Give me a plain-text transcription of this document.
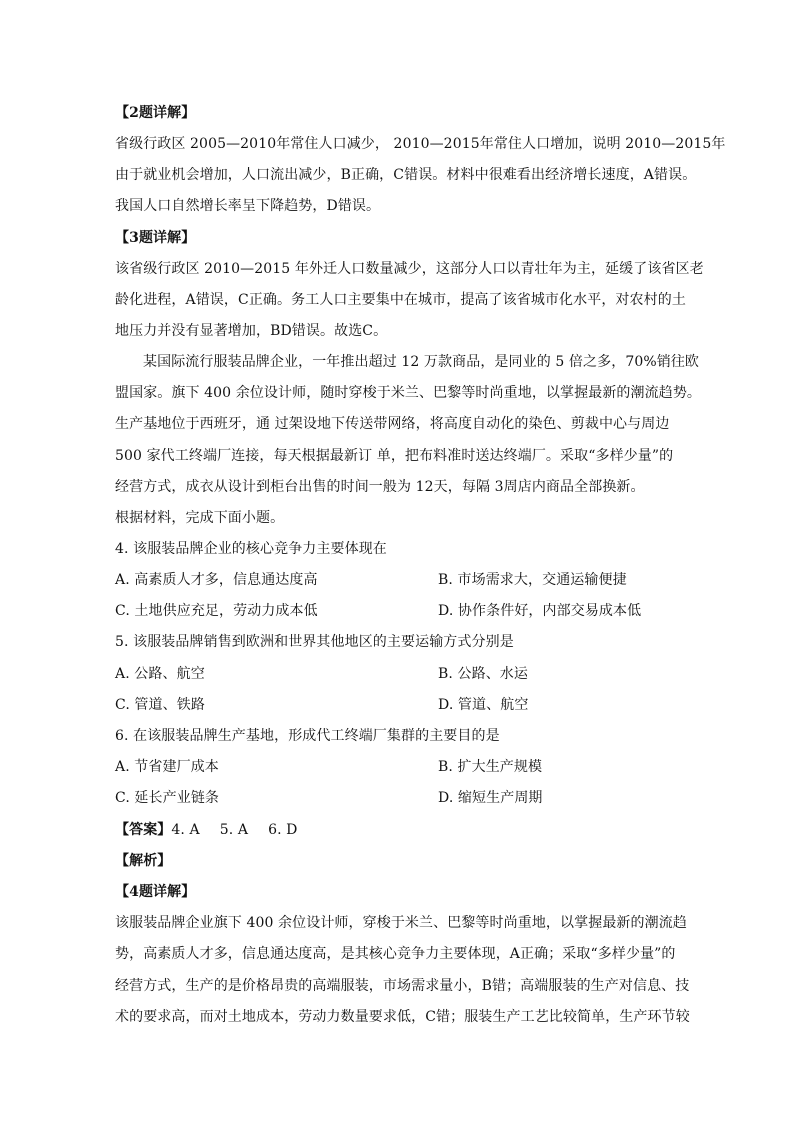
【2题详解】
省级行政区 2005—2010年常住人口减少， 2010—2015年常住人口增加，说明 2010—2015年
由于就业机会增加，人口流出减少，B正确，C错误。材料中很难看出经济增长速度，A错误。
我国人口自然增长率呈下降趋势，D错误。
【3题详解】
该省级行政区 2010—2015 年外迁人口数量减少，这部分人口以青壮年为主，延缓了该省区老
龄化进程，A错误，C正确。务工人口主要集中在城市，提高了该省城市化水平，对农村的土
地压力并没有显著增加，BD错误。故选C。
某国际流行服装品牌企业，一年推出超过 12 万款商品，是同业的 5 倍之多，70%销往欧
盟国家。旗下 400 余位设计师，随时穿梭于米兰、巴黎等时尚重地，以掌握最新的潮流趋势。
生产基地位于西班牙，通 过架设地下传送带网络，将高度自动化的染色、剪裁中心与周边
500 家代工终端厂连接，每天根据最新订 单，把布料准时送达终端厂。采取“多样少量”的
经营方式，成衣从设计到柜台出售的时间一般为 12天，每隔 3周店内商品全部换新。
根据材料，完成下面小题。
4. 该服装品牌企业的核心竞争力主要体现在
A. 高素质人才多，信息通达度高	B. 市场需求大，交通运输便捷
C. 土地供应充足，劳动力成本低	D. 协作条件好，内部交易成本低
5. 该服装品牌销售到欧洲和世界其他地区的主要运输方式分别是
A. 公路、航空	B. 公路、水运
C. 管道、铁路	D. 管道、航空
6. 在该服装品牌生产基地，形成代工终端厂集群的主要目的是
A. 节省建厂成本	B. 扩大生产规模
C. 延长产业链条	D. 缩短生产周期
【答案】4. A 5. A 6. D
【解析】
【4题详解】
该服装品牌企业旗下 400 余位设计师，穿梭于米兰、巴黎等时尚重地，以掌握最新的潮流趋
势，高素质人才多，信息通达度高，是其核心竞争力主要体现，A正确；采取“多样少量”的
经营方式，生产的是价格昂贵的高端服装，市场需求量小，B错；高端服装的生产对信息、技
术的要求高，而对土地成本，劳动力数量要求低，C错；服装生产工艺比较简单，生产环节较
